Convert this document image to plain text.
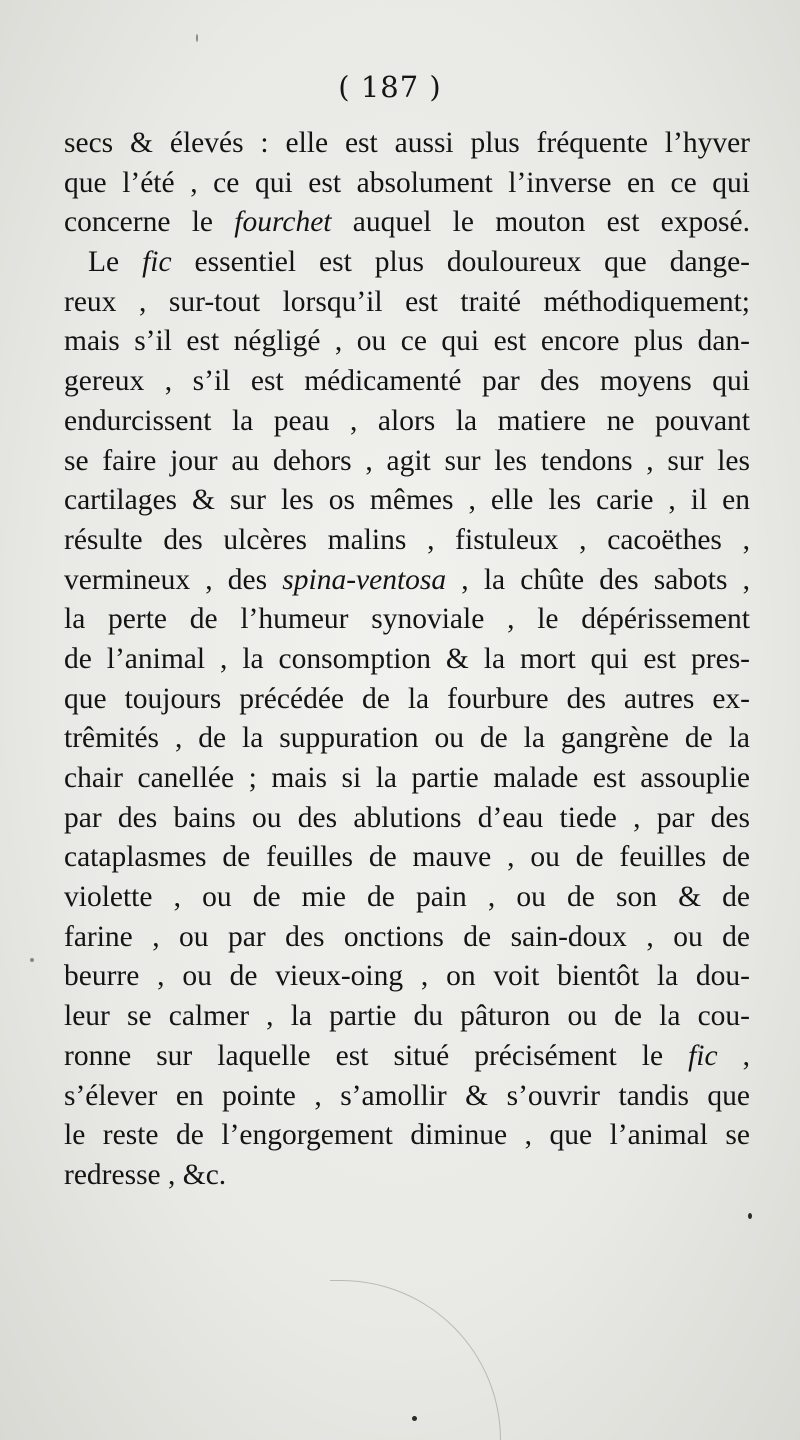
( 187 )
secs & élevés : elle est aussi plus fréquente l’hyver
que l’été , ce qui est absolument l’inverse en ce qui
concerne le fourchet auquel le mouton est exposé.
Le fic essentiel est plus douloureux que dange-
reux , sur-tout lorsqu’il est traité méthodiquement;
mais s’il est négligé , ou ce qui est encore plus dan-
gereux , s’il est médicamenté par des moyens qui
endurcissent la peau , alors la matiere ne pouvant
se faire jour au dehors , agit sur les tendons , sur les
cartilages & sur les os mêmes , elle les carie , il en
résulte des ulcères malins , fistuleux , cacoëthes ,
vermineux , des spina-ventosa , la chûte des sabots ,
la perte de l’humeur synoviale , le dépérissement
de l’animal , la consomption & la mort qui est pres-
que toujours précédée de la fourbure des autres ex-
trêmités , de la suppuration ou de la gangrène de la
chair canellée ; mais si la partie malade est assouplie
par des bains ou des ablutions d’eau tiede , par des
cataplasmes de feuilles de mauve , ou de feuilles de
violette , ou de mie de pain , ou de son & de
farine , ou par des onctions de sain-doux , ou de
beurre , ou de vieux-oing , on voit bientôt la dou-
leur se calmer , la partie du pâturon ou de la cou-
ronne sur laquelle est situé précisément le fic ,
s’élever en pointe , s’amollir & s’ouvrir tandis que
le reste de l’engorgement diminue , que l’animal se
redresse , &c.
